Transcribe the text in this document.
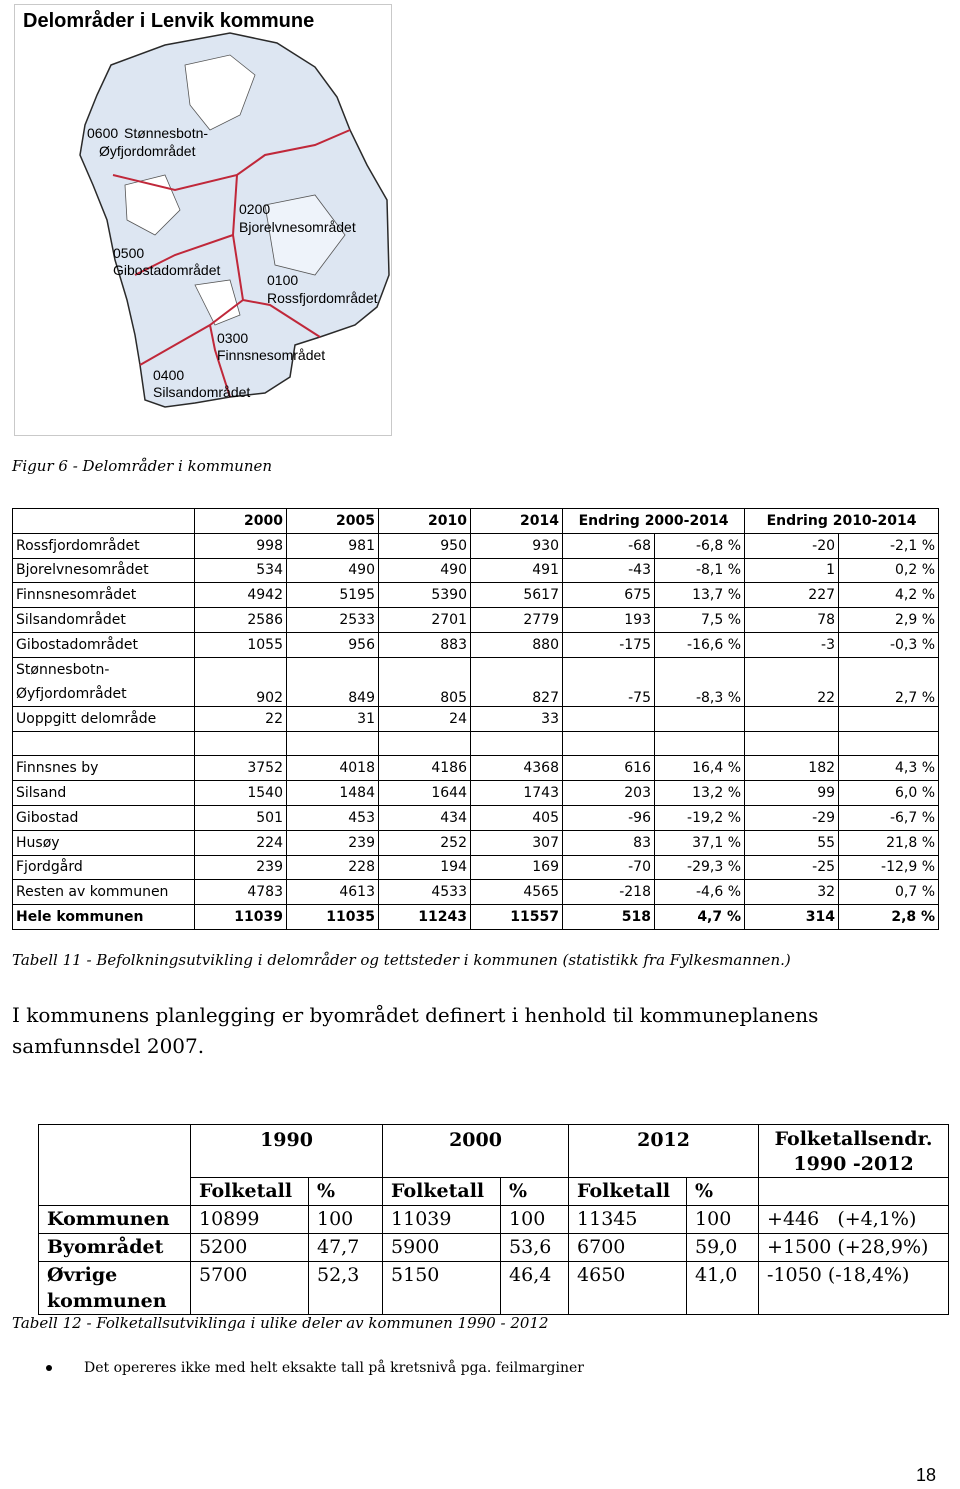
Delområder i Lenvik kommune
0600 Stønnesbotn-
Øyfjordområdet
0200
Bjorelvnesområdet
0500
Gibostadområdet
0100
Rossfjordområdet
0300
Finnsnesområdet
0400
Silsandområdet
Figur 6 - Delområder i kommunen
	2000	2005	2010	2014	Endring 2000-2014		Endring 2010-2014	
Rossfjordområdet	998	981	950	930	-68	-6,8 %	-20	-2,1 %
Bjorelvnesområdet	534	490	490	491	-43	-8,1 %	1	0,2 %
Finnsnesområdet	4942	5195	5390	5617	675	13,7 %	227	4,2 %
Silsandområdet	2586	2533	2701	2779	193	7,5 %	78	2,9 %
Gibostadområdet	1055	956	883	880	-175	-16,6 %	-3	-0,3 %

Stønnesbotn-
Øyfjordområdet	902	849	805	827	-75	-8,3 %	22	2,7 %
Uoppgitt delområde	22	31	24	33				

Finnsnes by	3752	4018	4186	4368	616	16,4 %	182	4,3 %
Silsand	1540	1484	1644	1743	203	13,2 %	99	6,0 %
Gibostad	501	453	434	405	-96	-19,2 %	-29	-6,7 %
Husøy	224	239	252	307	83	37,1 %	55	21,8 %
Fjordgård	239	228	194	169	-70	-29,3 %	-25	-12,9 %
Resten av kommunen	4783	4613	4533	4565	-218	-4,6 %	32	0,7 %
Hele kommunen	11039	11035	11243	11557	518	4,7 %	314	2,8 %
Tabell 11 - Befolkningsutvikling i delområder og tettsteder i kommunen (statistikk fra Fylkesmannen.)
I kommunens planlegging er byområdet definert i henhold til kommuneplanens samfunnsdel 2007.
	1990		2000		2012		Folketallsendr. 1990 -2012
	Folketall	%	Folketall	%	Folketall	%	
Kommunen	10899	100	11039	100	11345	100	+446   (+4,1%)
Byområdet	5200	47,7	5900	53,6	6700	59,0	+1500 (+28,9%)
Øvrige kommunen	5700	52,3	5150	46,4	4650	41,0	-1050 (-18,4%)
Tabell 12 - Folketallsutviklinga i ulike deler av kommunen 1990 - 2012
Det opereres ikke med helt eksakte tall på kretsnivå pga. feilmarginer
18
